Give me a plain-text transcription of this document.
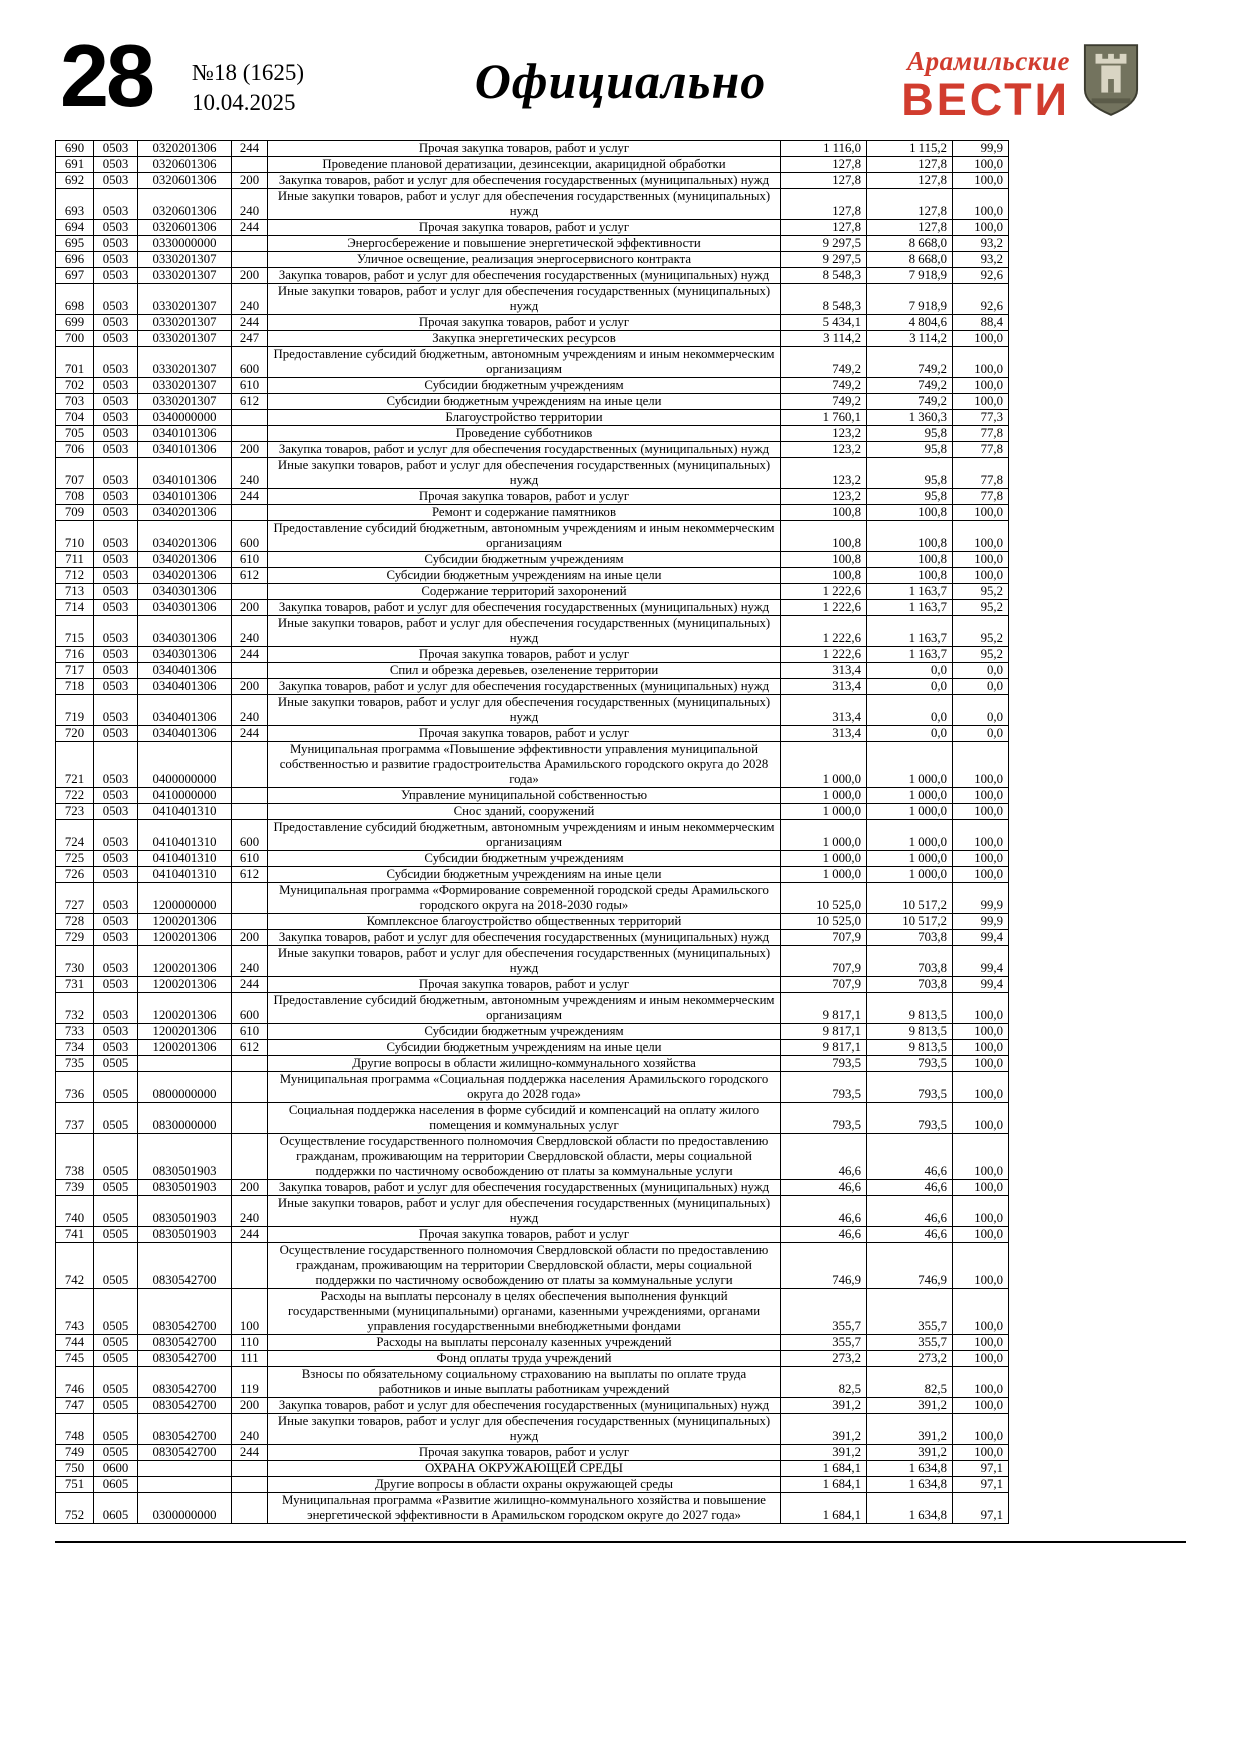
28 №18 (1625)
10.04.2025	Официально	Арамильские
ВЕСТИ
690	0503	0320201306	244	Прочая закупка товаров, работ и услуг	1 116,0	1 115,2	99,9
691	0503	0320601306		Проведение плановой дератизации, дезинсекции, акарицидной обработки	127,8	127,8	100,0
692	0503	0320601306	200	Закупка товаров, работ и услуг для обеспечения государственных (муниципальных) нужд	127,8	127,8	100,0
693	0503	0320601306	240	Иные закупки товаров, работ и услуг для обеспечения государственных (муниципальных) нужд	127,8	127,8	100,0
694	0503	0320601306	244	Прочая закупка товаров, работ и услуг	127,8	127,8	100,0
695	0503	0330000000		Энергосбережение и повышение энергетической эффективности	9 297,5	8 668,0	93,2
696	0503	0330201307		Уличное освещение, реализация энергосервисного контракта	9 297,5	8 668,0	93,2
697	0503	0330201307	200	Закупка товаров, работ и услуг для обеспечения государственных (муниципальных) нужд	8 548,3	7 918,9	92,6
698	0503	0330201307	240	Иные закупки товаров, работ и услуг для обеспечения государственных (муниципальных) нужд	8 548,3	7 918,9	92,6
699	0503	0330201307	244	Прочая закупка товаров, работ и услуг	5 434,1	4 804,6	88,4
700	0503	0330201307	247	Закупка энергетических ресурсов	3 114,2	3 114,2	100,0
701	0503	0330201307	600	Предоставление субсидий бюджетным, автономным учреждениям и иным некоммерческим организациям	749,2	749,2	100,0
702	0503	0330201307	610	Субсидии бюджетным учреждениям	749,2	749,2	100,0
703	0503	0330201307	612	Субсидии бюджетным учреждениям на иные цели	749,2	749,2	100,0
704	0503	0340000000		Благоустройство территории	1 760,1	1 360,3	77,3
705	0503	0340101306		Проведение субботников	123,2	95,8	77,8
706	0503	0340101306	200	Закупка товаров, работ и услуг для обеспечения государственных (муниципальных) нужд	123,2	95,8	77,8
707	0503	0340101306	240	Иные закупки товаров, работ и услуг для обеспечения государственных (муниципальных) нужд	123,2	95,8	77,8
708	0503	0340101306	244	Прочая закупка товаров, работ и услуг	123,2	95,8	77,8
709	0503	0340201306		Ремонт и содержание памятников	100,8	100,8	100,0
710	0503	0340201306	600	Предоставление субсидий бюджетным, автономным учреждениям и иным некоммерческим организациям	100,8	100,8	100,0
711	0503	0340201306	610	Субсидии бюджетным учреждениям	100,8	100,8	100,0
712	0503	0340201306	612	Субсидии бюджетным учреждениям на иные цели	100,8	100,8	100,0
713	0503	0340301306		Содержание территорий захоронений	1 222,6	1 163,7	95,2
714	0503	0340301306	200	Закупка товаров, работ и услуг для обеспечения государственных (муниципальных) нужд	1 222,6	1 163,7	95,2
715	0503	0340301306	240	Иные закупки товаров, работ и услуг для обеспечения государственных (муниципальных) нужд	1 222,6	1 163,7	95,2
716	0503	0340301306	244	Прочая закупка товаров, работ и услуг	1 222,6	1 163,7	95,2
717	0503	0340401306		Спил и обрезка деревьев, озеленение территории	313,4	0,0	0,0
718	0503	0340401306	200	Закупка товаров, работ и услуг для обеспечения государственных (муниципальных) нужд	313,4	0,0	0,0
719	0503	0340401306	240	Иные закупки товаров, работ и услуг для обеспечения государственных (муниципальных) нужд	313,4	0,0	0,0
720	0503	0340401306	244	Прочая закупка товаров, работ и услуг	313,4	0,0	0,0
721	0503	0400000000		Муниципальная программа «Повышение эффективности управления муниципальной собственностью и развитие градостроительства Арамильского городского округа до 2028 года»	1 000,0	1 000,0	100,0
722	0503	0410000000		Управление муниципальной собственностью	1 000,0	1 000,0	100,0
723	0503	0410401310		Снос зданий, сооружений	1 000,0	1 000,0	100,0
724	0503	0410401310	600	Предоставление субсидий бюджетным, автономным учреждениям и иным некоммерческим организациям	1 000,0	1 000,0	100,0
725	0503	0410401310	610	Субсидии бюджетным учреждениям	1 000,0	1 000,0	100,0
726	0503	0410401310	612	Субсидии бюджетным учреждениям на иные цели	1 000,0	1 000,0	100,0
727	0503	1200000000		Муниципальная программа «Формирование современной городской среды Арамильского городского округа на 2018-2030 годы»	10 525,0	10 517,2	99,9
728	0503	1200201306		Комплексное благоустройство общественных территорий	10 525,0	10 517,2	99,9
729	0503	1200201306	200	Закупка товаров, работ и услуг для обеспечения государственных (муниципальных) нужд	707,9	703,8	99,4
730	0503	1200201306	240	Иные закупки товаров, работ и услуг для обеспечения государственных (муниципальных) нужд	707,9	703,8	99,4
731	0503	1200201306	244	Прочая закупка товаров, работ и услуг	707,9	703,8	99,4
732	0503	1200201306	600	Предоставление субсидий бюджетным, автономным учреждениям и иным некоммерческим организациям	9 817,1	9 813,5	100,0
733	0503	1200201306	610	Субсидии бюджетным учреждениям	9 817,1	9 813,5	100,0
734	0503	1200201306	612	Субсидии бюджетным учреждениям на иные цели	9 817,1	9 813,5	100,0
735	0505			Другие вопросы в области жилищно-коммунального хозяйства	793,5	793,5	100,0
736	0505	0800000000		Муниципальная программа «Социальная поддержка населения Арамильского городского округа до 2028 года»	793,5	793,5	100,0
737	0505	0830000000		Социальная поддержка населения в форме субсидий и компенсаций на оплату жилого помещения и коммунальных услуг	793,5	793,5	100,0
738	0505	0830501903		Осуществление государственного полномочия Свердловской области по предоставлению гражданам, проживающим на территории Свердловской области, меры социальной поддержки по частичному освобождению от платы за коммунальные услуги	46,6	46,6	100,0
739	0505	0830501903	200	Закупка товаров, работ и услуг для обеспечения государственных (муниципальных) нужд	46,6	46,6	100,0
740	0505	0830501903	240	Иные закупки товаров, работ и услуг для обеспечения государственных (муниципальных) нужд	46,6	46,6	100,0
741	0505	0830501903	244	Прочая закупка товаров, работ и услуг	46,6	46,6	100,0
742	0505	0830542700		Осуществление государственного полномочия Свердловской области по предоставлению гражданам, проживающим на территории Свердловской области, меры социальной поддержки по частичному освобождению от платы за коммунальные услуги	746,9	746,9	100,0
743	0505	0830542700	100	Расходы на выплаты персоналу в целях обеспечения выполнения функций государственными (муниципальными) органами, казенными учреждениями, органами управления государственными внебюджетными фондами	355,7	355,7	100,0
744	0505	0830542700	110	Расходы на выплаты персоналу казенных учреждений	355,7	355,7	100,0
745	0505	0830542700	111	Фонд оплаты труда учреждений	273,2	273,2	100,0
746	0505	0830542700	119	Взносы по обязательному социальному страхованию на выплаты по оплате труда работников и иные выплаты работникам учреждений	82,5	82,5	100,0
747	0505	0830542700	200	Закупка товаров, работ и услуг для обеспечения государственных (муниципальных) нужд	391,2	391,2	100,0
748	0505	0830542700	240	Иные закупки товаров, работ и услуг для обеспечения государственных (муниципальных) нужд	391,2	391,2	100,0
749	0505	0830542700	244	Прочая закупка товаров, работ и услуг	391,2	391,2	100,0
750	0600			ОХРАНА ОКРУЖАЮЩЕЙ СРЕДЫ	1 684,1	1 634,8	97,1
751	0605			Другие вопросы в области охраны окружающей среды	1 684,1	1 634,8	97,1
752	0605	0300000000		Муниципальная программа «Развитие жилищно-коммунального хозяйства и повышение энергетической эффективности в Арамильском городском округе до 2027 года»	1 684,1	1 634,8	97,1
